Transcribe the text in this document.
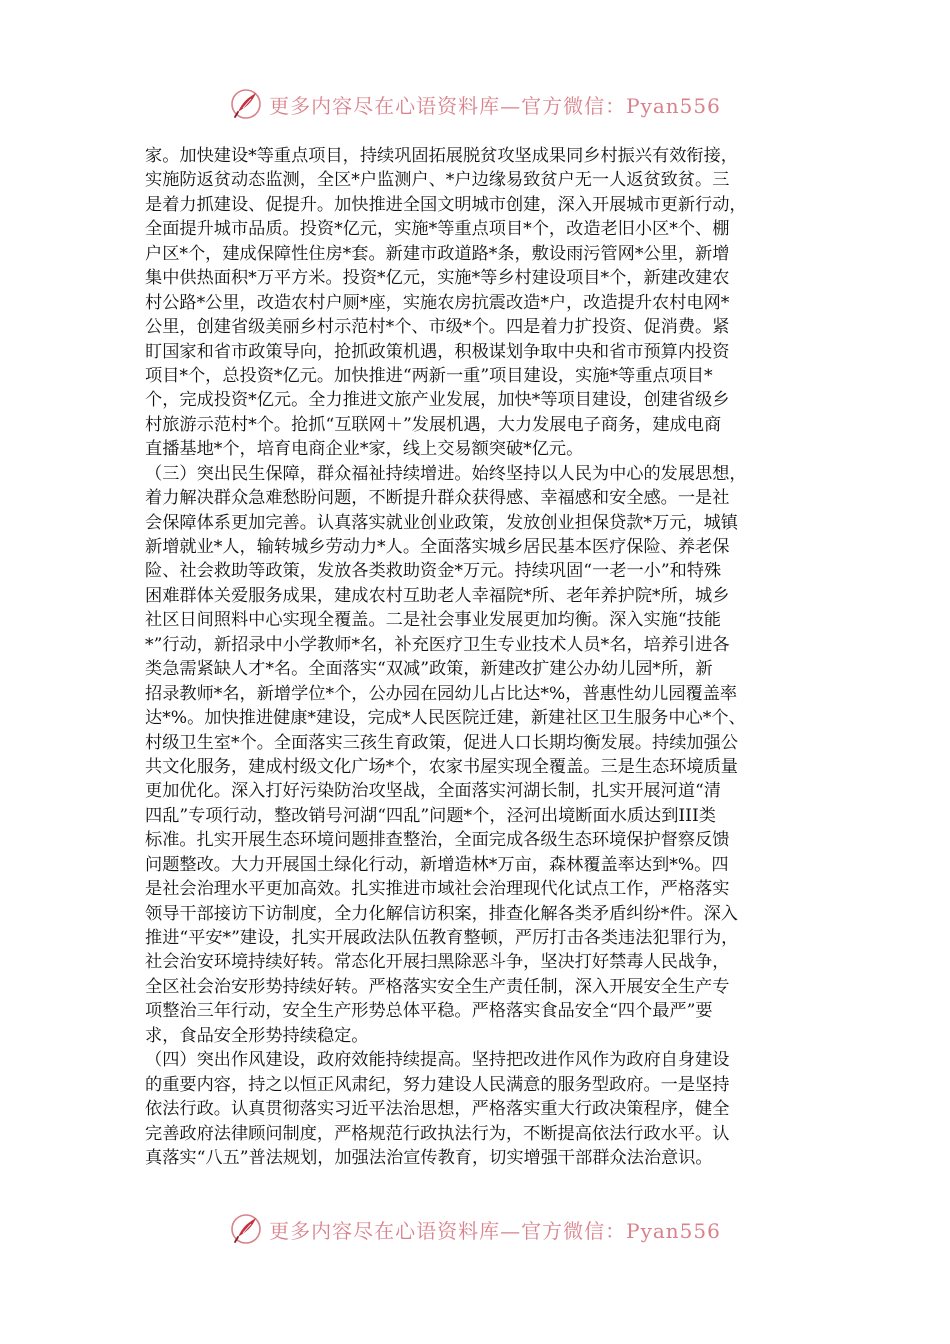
更多内容尽在心语资料库—官方微信：Pyan556
家。加快建设*等重点项目，持续巩固拓展脱贫攻坚成果同乡村振兴有效衔接，
实施防返贫动态监测，全区*户监测户、*户边缘易致贫户无一人返贫致贫。三
是着力抓建设、促提升。加快推进全国文明城市创建，深入开展城市更新行动，
全面提升城市品质。投资*亿元，实施*等重点项目*个，改造老旧小区*个、棚
户区*个，建成保障性住房*套。新建市政道路*条，敷设雨污管网*公里，新增
集中供热面积*万平方米。投资*亿元，实施*等乡村建设项目*个，新建改建农
村公路*公里，改造农村户厕*座，实施农房抗震改造*户，改造提升农村电网*
公里，创建省级美丽乡村示范村*个、市级*个。四是着力扩投资、促消费。紧
盯国家和省市政策导向，抢抓政策机遇，积极谋划争取中央和省市预算内投资
项目*个，总投资*亿元。加快推进“两新一重”项目建设，实施*等重点项目*
个，完成投资*亿元。全力推进文旅产业发展，加快*等项目建设，创建省级乡
村旅游示范村*个。抢抓“互联网＋”发展机遇，大力发展电子商务，建成电商
直播基地*个，培育电商企业*家，线上交易额突破*亿元。
（三）突出民生保障，群众福祉持续增进。始终坚持以人民为中心的发展思想，
着力解决群众急难愁盼问题，不断提升群众获得感、幸福感和安全感。一是社
会保障体系更加完善。认真落实就业创业政策，发放创业担保贷款*万元，城镇
新增就业*人，输转城乡劳动力*人。全面落实城乡居民基本医疗保险、养老保
险、社会救助等政策，发放各类救助资金*万元。持续巩固“一老一小”和特殊
困难群体关爱服务成果，建成农村互助老人幸福院*所、老年养护院*所，城乡
社区日间照料中心实现全覆盖。二是社会事业发展更加均衡。深入实施“技能
*”行动，新招录中小学教师*名，补充医疗卫生专业技术人员*名，培养引进各
类急需紧缺人才*名。全面落实“双减”政策，新建改扩建公办幼儿园*所，新
招录教师*名，新增学位*个，公办园在园幼儿占比达*%，普惠性幼儿园覆盖率
达*%。加快推进健康*建设，完成*人民医院迁建，新建社区卫生服务中心*个、
村级卫生室*个。全面落实三孩生育政策，促进人口长期均衡发展。持续加强公
共文化服务，建成村级文化广场*个，农家书屋实现全覆盖。三是生态环境质量
更加优化。深入打好污染防治攻坚战，全面落实河湖长制，扎实开展河道“清
四乱”专项行动，整改销号河湖“四乱”问题*个，泾河出境断面水质达到III类
标准。扎实开展生态环境问题排查整治，全面完成各级生态环境保护督察反馈
问题整改。大力开展国土绿化行动，新增造林*万亩，森林覆盖率达到*%。四
是社会治理水平更加高效。扎实推进市域社会治理现代化试点工作，严格落实
领导干部接访下访制度，全力化解信访积案，排查化解各类矛盾纠纷*件。深入
推进“平安*”建设，扎实开展政法队伍教育整顿，严厉打击各类违法犯罪行为，
社会治安环境持续好转。常态化开展扫黑除恶斗争，坚决打好禁毒人民战争，
全区社会治安形势持续好转。严格落实安全生产责任制，深入开展安全生产专
项整治三年行动，安全生产形势总体平稳。严格落实食品安全“四个最严”要
求，食品安全形势持续稳定。
（四）突出作风建设，政府效能持续提高。坚持把改进作风作为政府自身建设
的重要内容，持之以恒正风肃纪，努力建设人民满意的服务型政府。一是坚持
依法行政。认真贯彻落实习近平法治思想，严格落实重大行政决策程序，健全
完善政府法律顾问制度，严格规范行政执法行为，不断提高依法行政水平。认
真落实“八五”普法规划，加强法治宣传教育，切实增强干部群众法治意识。
更多内容尽在心语资料库—官方微信：Pyan556
